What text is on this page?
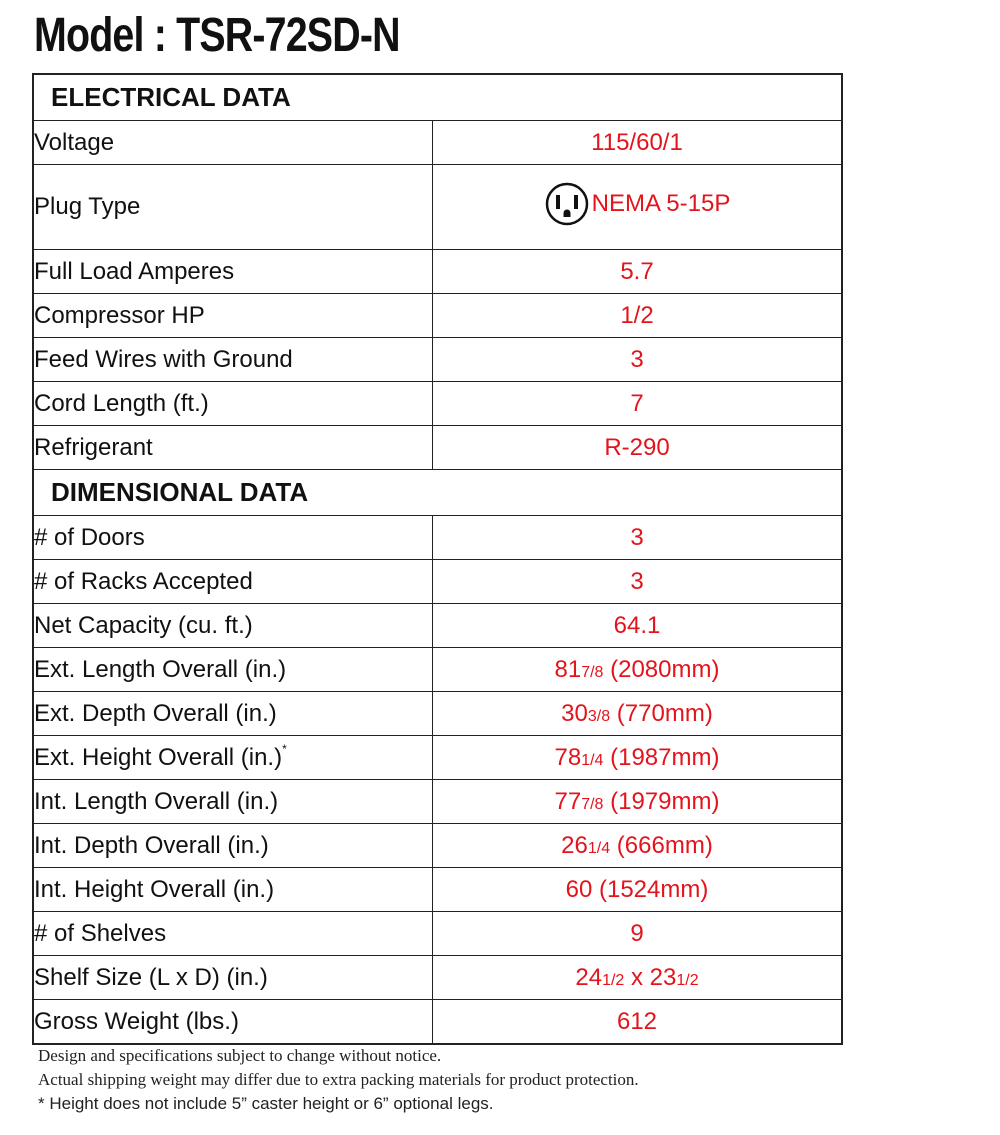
Model : TSR-72SD-N
ELECTRICAL DATA	
Voltage	115/60/1
Plug Type	NEMA 5-15P

Full Load Amperes	5.7
Compressor HP	1/2
Feed Wires with Ground	3
Cord Length (ft.)	7
Refrigerant	R-290
DIMENSIONAL DATA	
# of Doors	3
# of Racks Accepted	3
Net Capacity (cu. ft.)	64.1
Ext. Length Overall (in.)	817/8 (2080mm)
Ext. Depth Overall (in.)	303/8 (770mm)
Ext. Height Overall (in.)*	781/4 (1987mm)
Int. Length Overall (in.)	777/8 (1979mm)
Int. Depth Overall (in.)	261/4 (666mm)
Int. Height Overall (in.)	60 (1524mm)
# of Shelves	9
Shelf Size (L x D) (in.)	241/2 x 231/2
Gross Weight (lbs.)	612
Design and specifications subject to change without notice.
Actual shipping weight may differ due to extra packing materials for product protection.
* Height does not include 5” caster height or 6” optional legs.
